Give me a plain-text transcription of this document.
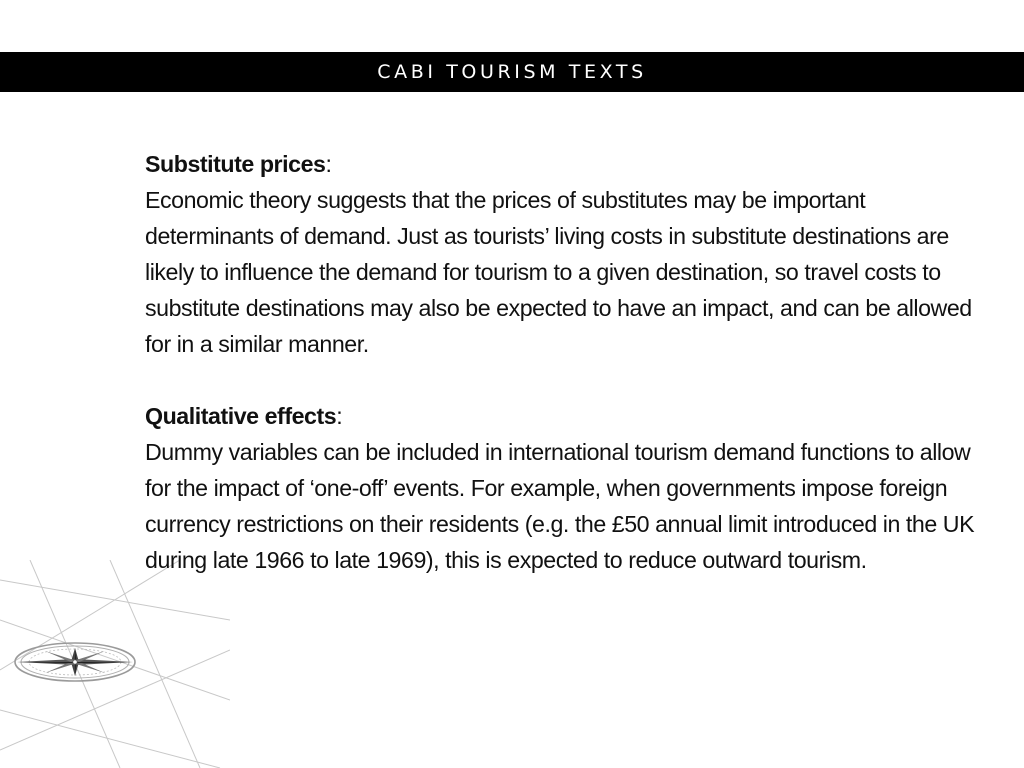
CABI TOURISM TEXTS
Substitute prices:
Economic theory suggests that the prices of substitutes may be important determinants of demand. Just as tourists’ living costs in substitute destinations are likely to influence the demand for tourism to a given destination, so travel costs to substitute destinations may also be expected to have an impact, and can be allowed for in a similar manner.
Qualitative effects:
Dummy variables can be included in international tourism demand functions to allow for the impact of ‘one-off’ events. For example, when governments impose foreign currency restrictions on their residents (e.g. the £50 annual limit introduced in the UK during late 1966 to late 1969), this is expected to reduce outward tourism.
